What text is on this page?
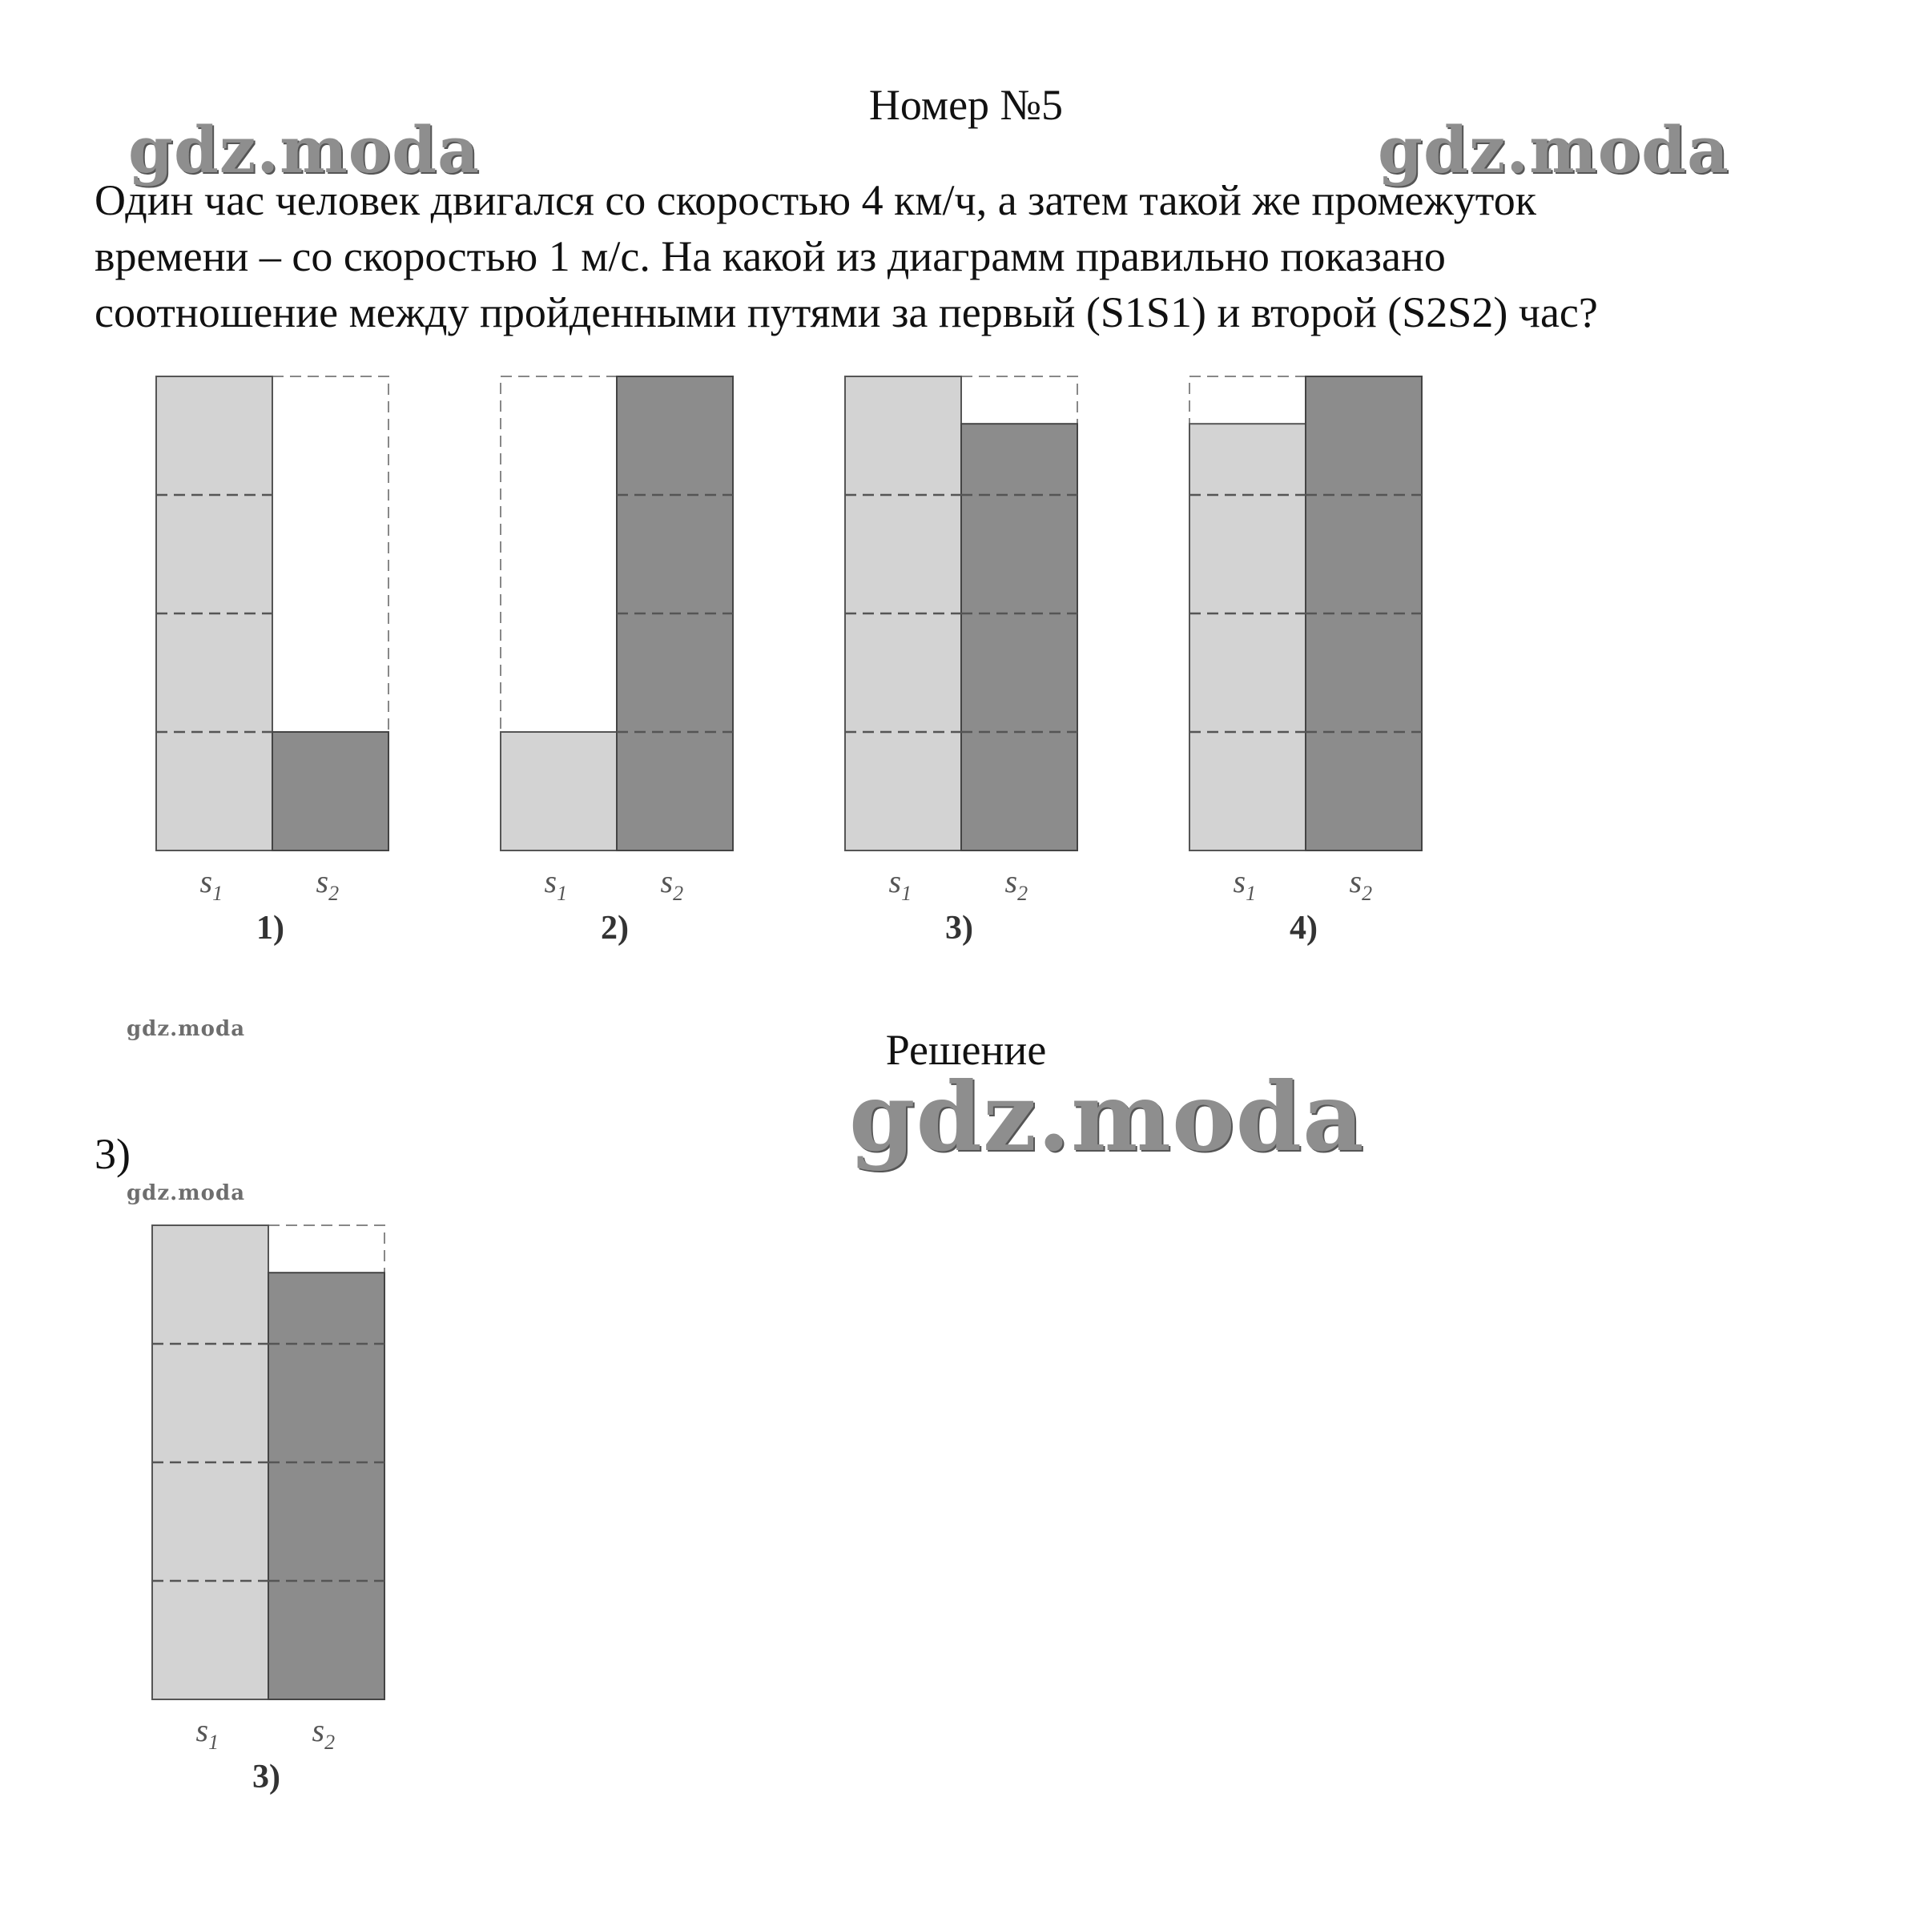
Номер №5
Один час человек двигался со скоростью 4 км/ч, а затем такой же промежуток
времени – со скоростью 1 м/с. На какой из диаграмм правильно показано
соотношение между пройденными путями за первый (S1S1) и второй (S2S2) час?
gdz.moda	gdz.moda
gdz.moda
gdz.moda
gdz.moda
$s_1$	$s_2$
1)
$s_1$	$s_2$
2)
$s_1$	$s_2$
3)
$s_1$	$s_2$
4)
Решение
3)
$s_1$	$s_2$
3)
